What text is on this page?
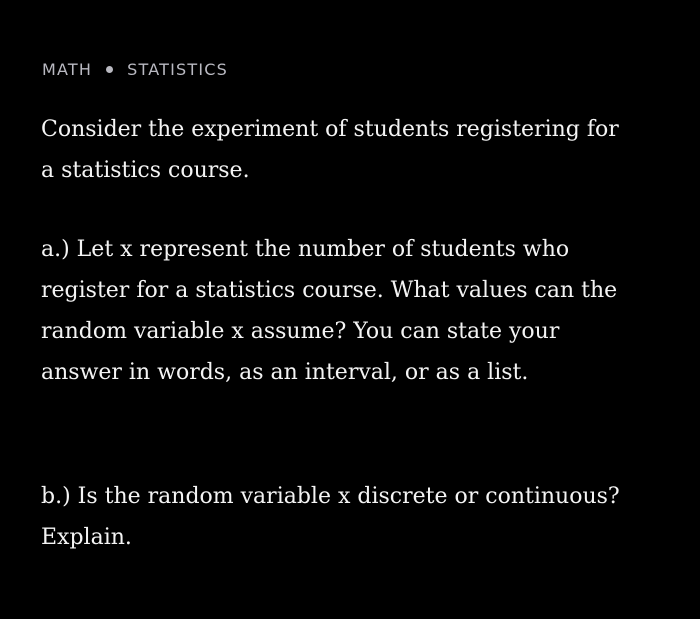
MATH STATISTICS

Consider the experiment of students registering for
a statistics course.

a.) Let x represent the number of students who
register for a statistics course. What values can the
random variable x assume? You can state your
answer in words, as an interval, or as a list.

b.) Is the random variable x discrete or continuous?
Explain.
